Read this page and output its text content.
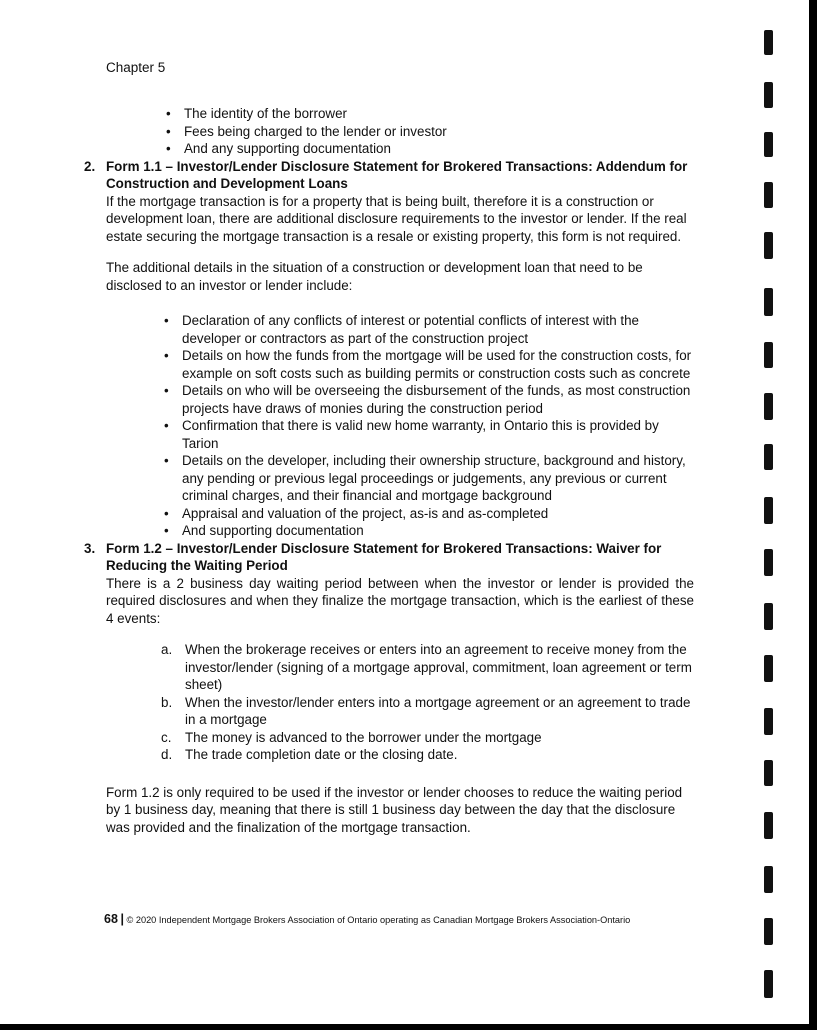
Chapter 5
• The identity of the borrower
• Fees being charged to the lender or investor
• And any supporting documentation
2. Form 1.1 – Investor/Lender Disclosure Statement for Brokered Transactions: Addendum for Construction and Development Loans

If the mortgage transaction is for a property that is being built, therefore it is a construction or development loan, there are additional disclosure requirements to the investor or lender. If the real estate securing the mortgage transaction is a resale or existing property, this form is not required.

The additional details in the situation of a construction or development loan that need to be disclosed to an investor or lender include:

• Declaration of any conflicts of interest or potential conflicts of interest with the developer or contractors as part of the construction project
• Details on how the funds from the mortgage will be used for the construction costs, for example on soft costs such as building permits or construction costs such as concrete
• Details on who will be overseeing the disbursement of the funds, as most construction projects have draws of monies during the construction period
• Confirmation that there is valid new home warranty, in Ontario this is provided by Tarion
• Details on the developer, including their ownership structure, background and history, any pending or previous legal proceedings or judgements, any previous or current criminal charges, and their financial and mortgage background
• Appraisal and valuation of the project, as-is and as-completed
• And supporting documentation
3. Form 1.2 – Investor/Lender Disclosure Statement for Brokered Transactions: Waiver for Reducing the Waiting Period

There is a 2 business day waiting period between when the investor or lender is provided the required disclosures and when they finalize the mortgage transaction, which is the earliest of these 4 events:

a. When the brokerage receives or enters into an agreement to receive money from the investor/lender (signing of a mortgage approval, commitment, loan agreement or term sheet)
b. When the investor/lender enters into a mortgage agreement or an agreement to trade in a mortgage
c. The money is advanced to the borrower under the mortgage
d. The trade completion date or the closing date.

Form 1.2 is only required to be used if the investor or lender chooses to reduce the waiting period by 1 business day, meaning that there is still 1 business day between the day that the disclosure was provided and the finalization of the mortgage transaction.

68 | © 2020 Independent Mortgage Brokers Association of Ontario operating as Canadian Mortgage Brokers Association-Ontario
